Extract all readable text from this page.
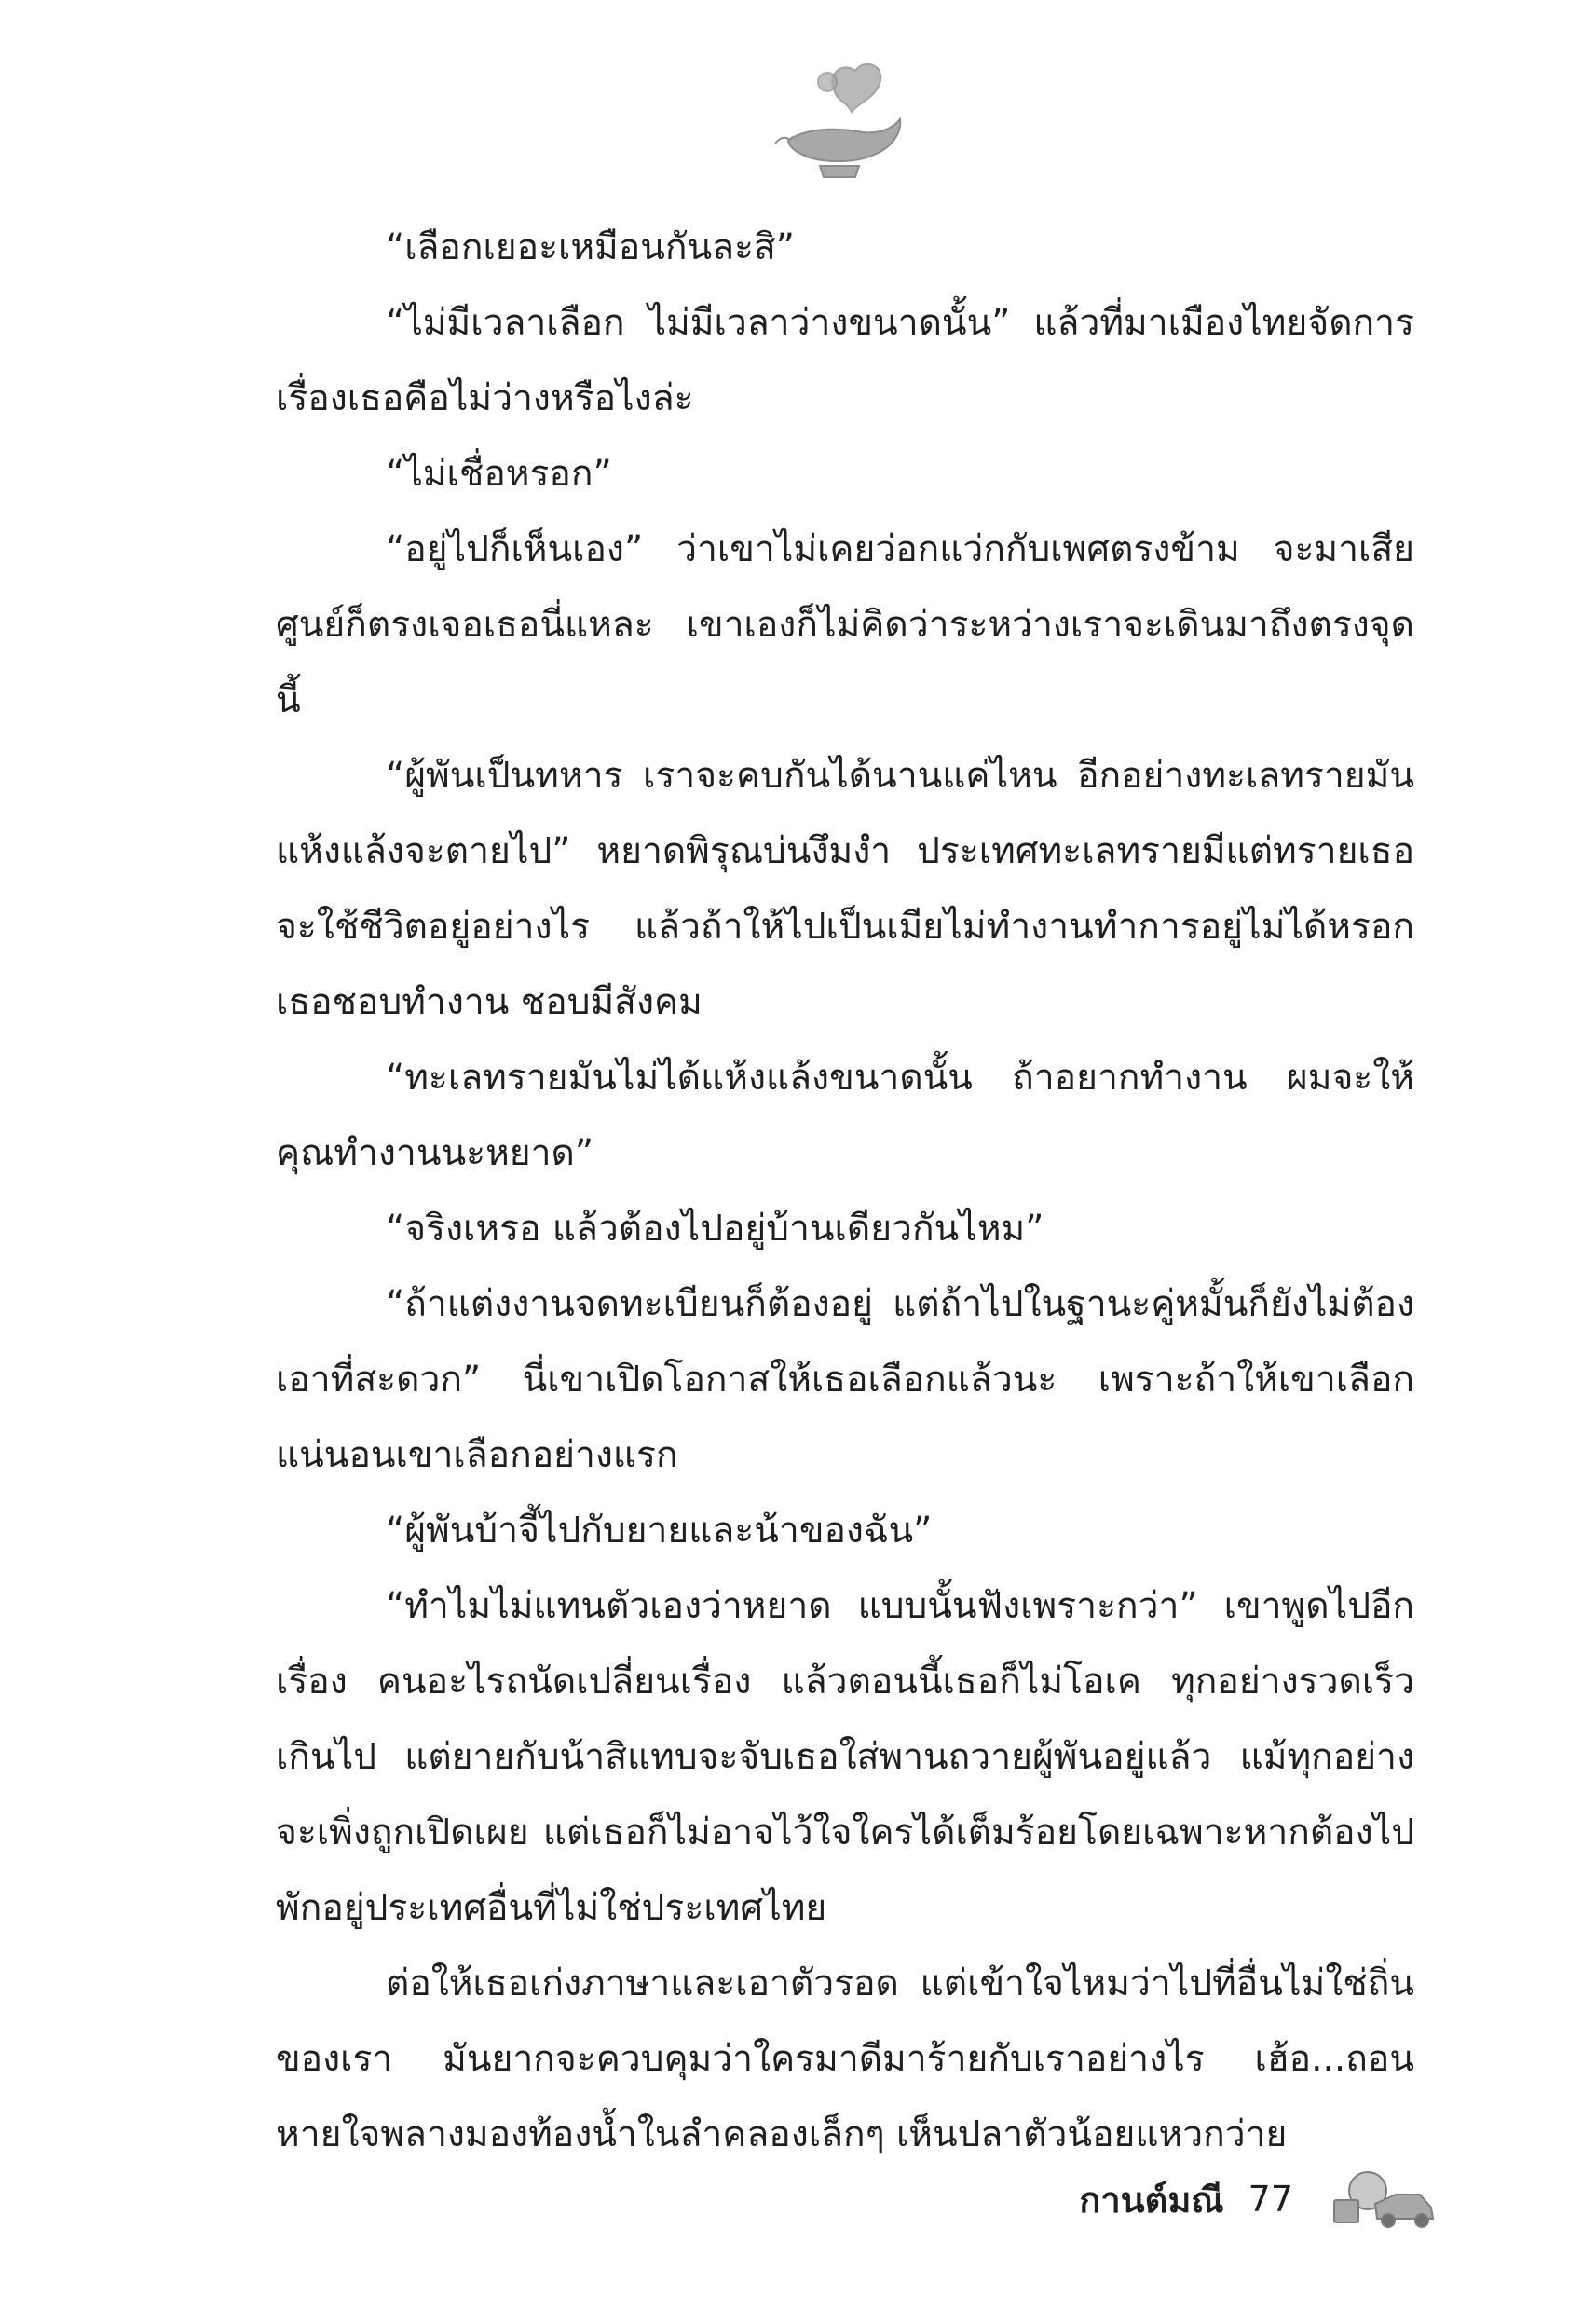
“เลือกเยอะเหมือนกันละสิ”

“ไม่มีเวลาเลือก ไม่มีเวลาว่างขนาดนั้น” แล้วที่มาเมืองไทยจัดการเรื่องเธอคือไม่ว่างหรือไงล่ะ

“ไม่เชื่อหรอก”

“อยู่ไปก็เห็นเอง” ว่าเขาไม่เคยว่อกแว่กกับเพศตรงข้าม จะมาเสียศูนย์ก็ตรงเจอเธอนี่แหละ เขาเองก็ไม่คิดว่าระหว่างเราจะเดินมาถึงตรงจุดนี้

“ผู้พันเป็นทหาร เราจะคบกันได้นานแค่ไหน อีกอย่างทะเลทรายมันแห้งแล้งจะตายไป” หยาดพิรุณบ่นงึมงำ ประเทศทะเลทรายมีแต่ทรายเธอจะใช้ชีวิตอยู่อย่างไร แล้วถ้าให้ไปเป็นเมียไม่ทำงานทำการอยู่ไม่ได้หรอก เธอชอบทำงาน ชอบมีสังคม

“ทะเลทรายมันไม่ได้แห้งแล้งขนาดนั้น ถ้าอยากทำงาน ผมจะให้คุณทำงานนะหยาด”

“จริงเหรอ แล้วต้องไปอยู่บ้านเดียวกันไหม”

“ถ้าแต่งงานจดทะเบียนก็ต้องอยู่ แต่ถ้าไปในฐานะคู่หมั้นก็ยังไม่ต้อง เอาที่สะดวก” นี่เขาเปิดโอกาสให้เธอเลือกแล้วนะ เพราะถ้าให้เขาเลือก แน่นอนเขาเลือกอย่างแรก

“ผู้พันบ้าจี้ไปกับยายและน้าของฉัน”

“ทำไมไม่แทนตัวเองว่าหยาด แบบนั้นฟังเพราะกว่า” เขาพูดไปอีกเรื่อง คนอะไรถนัดเปลี่ยนเรื่อง แล้วตอนนี้เธอก็ไม่โอเค ทุกอย่างรวดเร็วเกินไป แต่ยายกับน้าสิแทบจะจับเธอใส่พานถวายผู้พันอยู่แล้ว แม้ทุกอย่างจะเพิ่งถูกเปิดเผย แต่เธอก็ไม่อาจไว้ใจใครได้เต็มร้อยโดยเฉพาะหากต้องไปพักอยู่ประเทศอื่นที่ไม่ใช่ประเทศไทย

ต่อให้เธอเก่งภาษาและเอาตัวรอด แต่เข้าใจไหมว่าไปที่อื่นไม่ใช่ถิ่นของเรา มันยากจะควบคุมว่าใครมาดีมาร้ายกับเราอย่างไร เฮ้อ...ถอนหายใจพลางมองท้องน้ำในลำคลองเล็กๆ เห็นปลาตัวน้อยแหวกว่าย

กานต์มณี 77
